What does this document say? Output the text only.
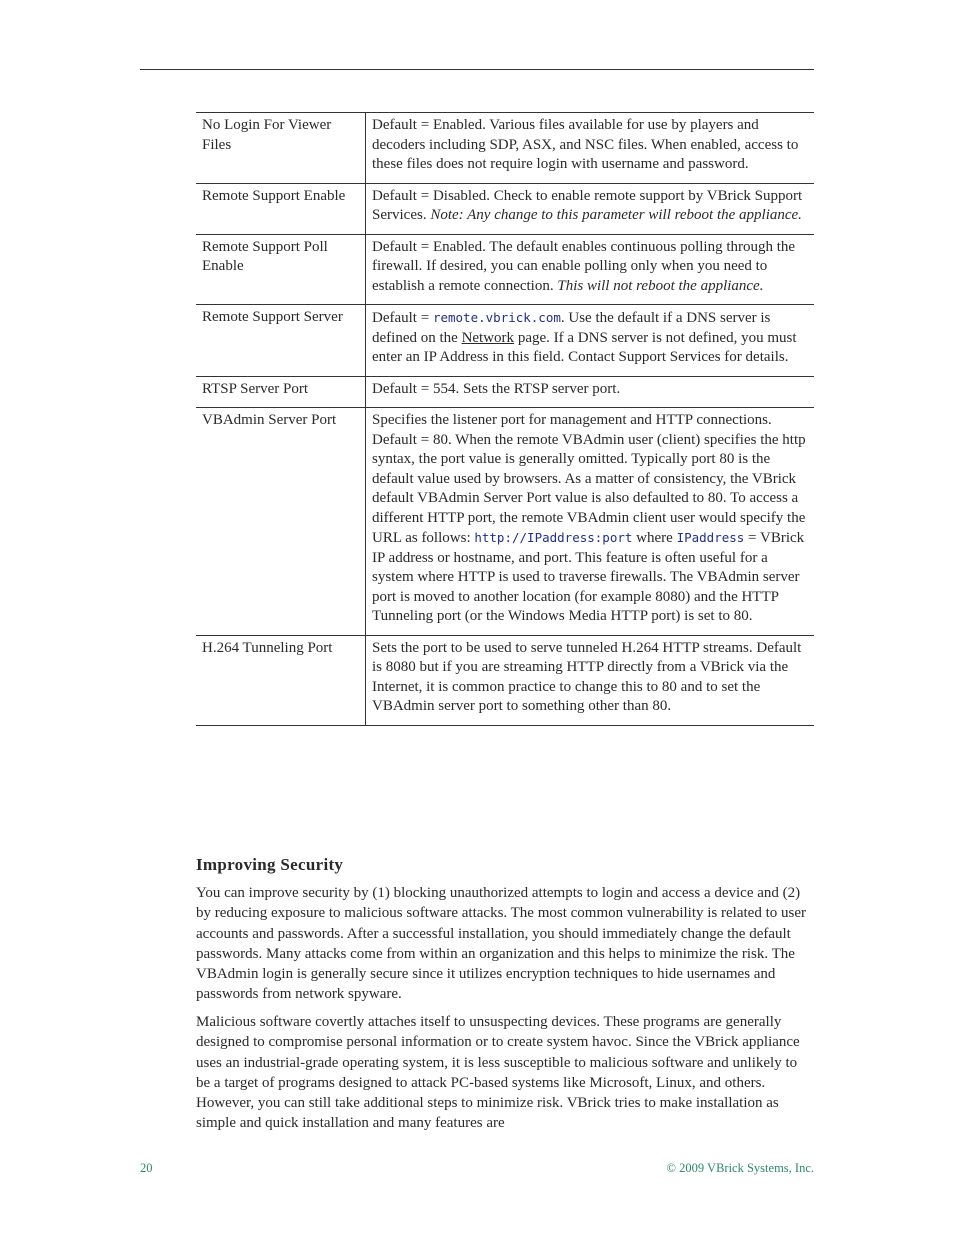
No Login For Viewer Files	Default = Enabled. Various files available for use by players and decoders including SDP, ASX, and NSC files. When enabled, access to these files does not require login with username and password.
Remote Support Enable	Default = Disabled. Check to enable remote support by VBrick Support Services. Note: Any change to this parameter will reboot the appliance.
Remote Support Poll Enable	Default = Enabled. The default enables continuous polling through the firewall. If desired, you can enable polling only when you need to establish a remote connection. This will not reboot the appliance.
Remote Support Server	Default = remote.vbrick.com. Use the default if a DNS server is defined on the Network page. If a DNS server is not defined, you must enter an IP Address in this field. Contact Support Services for details.
RTSP Server Port	Default = 554. Sets the RTSP server port.
VBAdmin Server Port	Specifies the listener port for management and HTTP connections. Default = 80. When the remote VBAdmin user (client) specifies the http syntax, the port value is generally omitted. Typically port 80 is the default value used by browsers. As a matter of consistency, the VBrick default VBAdmin Server Port value is also defaulted to 80. To access a different HTTP port, the remote VBAdmin client user would specify the URL as follows: http://IPaddress:port where IPaddress = VBrick IP address or hostname, and port. This feature is often useful for a system where HTTP is used to traverse firewalls. The VBAdmin server port is moved to another location (for example 8080) and the HTTP Tunneling port (or the Windows Media HTTP port) is set to 80.
H.264 Tunneling Port	Sets the port to be used to serve tunneled H.264 HTTP streams. Default is 8080 but if you are streaming HTTP directly from a VBrick via the Internet, it is common practice to change this to 80 and to set the VBAdmin server port to something other than 80.
Improving Security

You can improve security by (1) blocking unauthorized attempts to login and access a device and (2) by reducing exposure to malicious software attacks. The most common vulnerability is related to user accounts and passwords. After a successful installation, you should immediately change the default passwords. Many attacks come from within an organization and this helps to minimize the risk. The VBAdmin login is generally secure since it utilizes encryption techniques to hide usernames and passwords from network spyware.

Malicious software covertly attaches itself to unsuspecting devices. These programs are generally designed to compromise personal information or to create system havoc. Since the VBrick appliance uses an industrial-grade operating system, it is less susceptible to malicious software and unlikely to be a target of programs designed to attack PC-based systems like Microsoft, Linux, and others. However, you can still take additional steps to minimize risk. VBrick tries to make installation as simple and quick installation and many features are

20	© 2009 VBrick Systems, Inc.
